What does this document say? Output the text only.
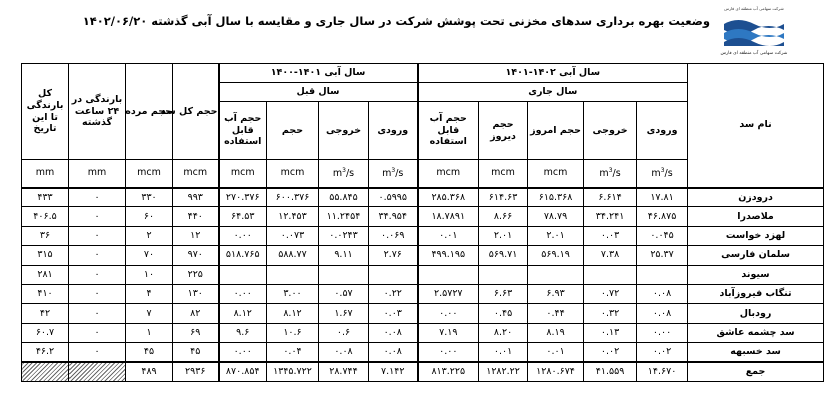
وضعیت بهره برداری سدهای مخزنی تحت پوشش شرکت در سال جاری و مقایسه با سال آبی گذشته ۱۴۰۲/۰۶/۲۰
شرکت سهامی آب منطقه ای فارس
شرکت سهامی آب منطقه ای فارس
نام سد	سال آبی ۱۴۰۲-۱۴۰۱					سال آبی ۱۴۰۱-۱۴۰۰				حجم کل سد	حجم مرده	بارندگی در ۲۴ ساعت گذشته	کل بارندگی تا این تاریخ
	سال جاری					سال قبل							
	ورودی	خروجی	حجم امروز	حجم دیروز	حجم آب قابل استفاده	ورودی	خروجی	حجم	حجم آب قابل استفاده				
	$m^3/s$	$m^3/s$	mcm	mcm	mcm	$m^3/s$	$m^3/s$	mcm	mcm	mcm	mcm	mm	mm
درودزن	۱۷.۸۱	۶.۶۱۴	۶۱۵.۳۶۸	۶۱۴.۶۳	۲۸۵.۳۶۸	۰.۵۹۹۵	۵۵.۸۴۵	۶۰۰.۳۷۶	۲۷۰.۳۷۶	۹۹۳	۳۳۰	۰	۴۳۳
ملاصدرا	۴۶.۸۷۵	۳۴.۲۴۱	۷۸.۷۹	۸.۶۶	۱۸.۷۸۹۱	۳۴.۹۵۴	۱۱.۲۴۵۴	۱۲.۴۵۳	۶۴.۵۳	۴۴۰	۶۰	۰	۴۰۶.۵
لهزد خواست	۰.۰۴۵	۰.۰۳	۲.۰۱	۲.۰۱	۰.۰۱	۰.۰۶۹	۰.۰۲۴۳	۰.۰۷۳	۰.۰۰	۱۲	۲	۰	۳۶
سلمان فارسی	۲۵.۳۷	۷.۳۸	۵۶۹.۱۹	۵۶۹.۷۱	۴۹۹.۱۹۵	۲.۷۶	۹.۱۱	۵۸۸.۷۷	۵۱۸.۷۶۵	۹۷۰	۷۰	۰	۳۱۵
سیوند										۲۲۵	۱۰	۰	۲۸۱
تنگاب فیروزآباد	۰.۰۸	۰.۷۲	۶.۹۳	۶.۶۳	۲.۵۷۲۷	۰.۲۲	۰.۵۷	۳.۰۰	۰.۰۰	۱۳۰	۴	۰	۴۱۰
رودبال	۰.۰۸	۰.۳۲	۰.۴۴	۰.۴۵	۰.۰۰	۰.۰۳	۱.۶۷	۸.۱۲	۸.۱۲	۸۲	۷	۰	۴۲
سد چشمه عاشق	۰.۰۰	۰.۱۳	۸.۱۹	۸.۲۰	۷.۱۹	۰.۰۸	۰.۶	۱۰.۶	۹.۶	۶۹	۱	۰	۶۰.۷
سد خسبهه	۰.۰۲	۰.۰۲	۰.۰۱	۰.۰۱	۰.۰۰	۰.۰۸	۰.۰۸	۰.۰۴	۰.۰۰	۴۵	۴۵	۰	۴۶.۲
جمع	۱۴.۶۷۰	۴۱.۵۵۹	۱۲۸۰.۶۷۴	۱۲۸۲.۲۲	۸۱۳.۲۲۵	۷.۱۴۲	۲۸.۷۴۴	۱۳۴۵.۷۲۲	۸۷۰.۸۵۴	۲۹۳۶	۴۸۹		
